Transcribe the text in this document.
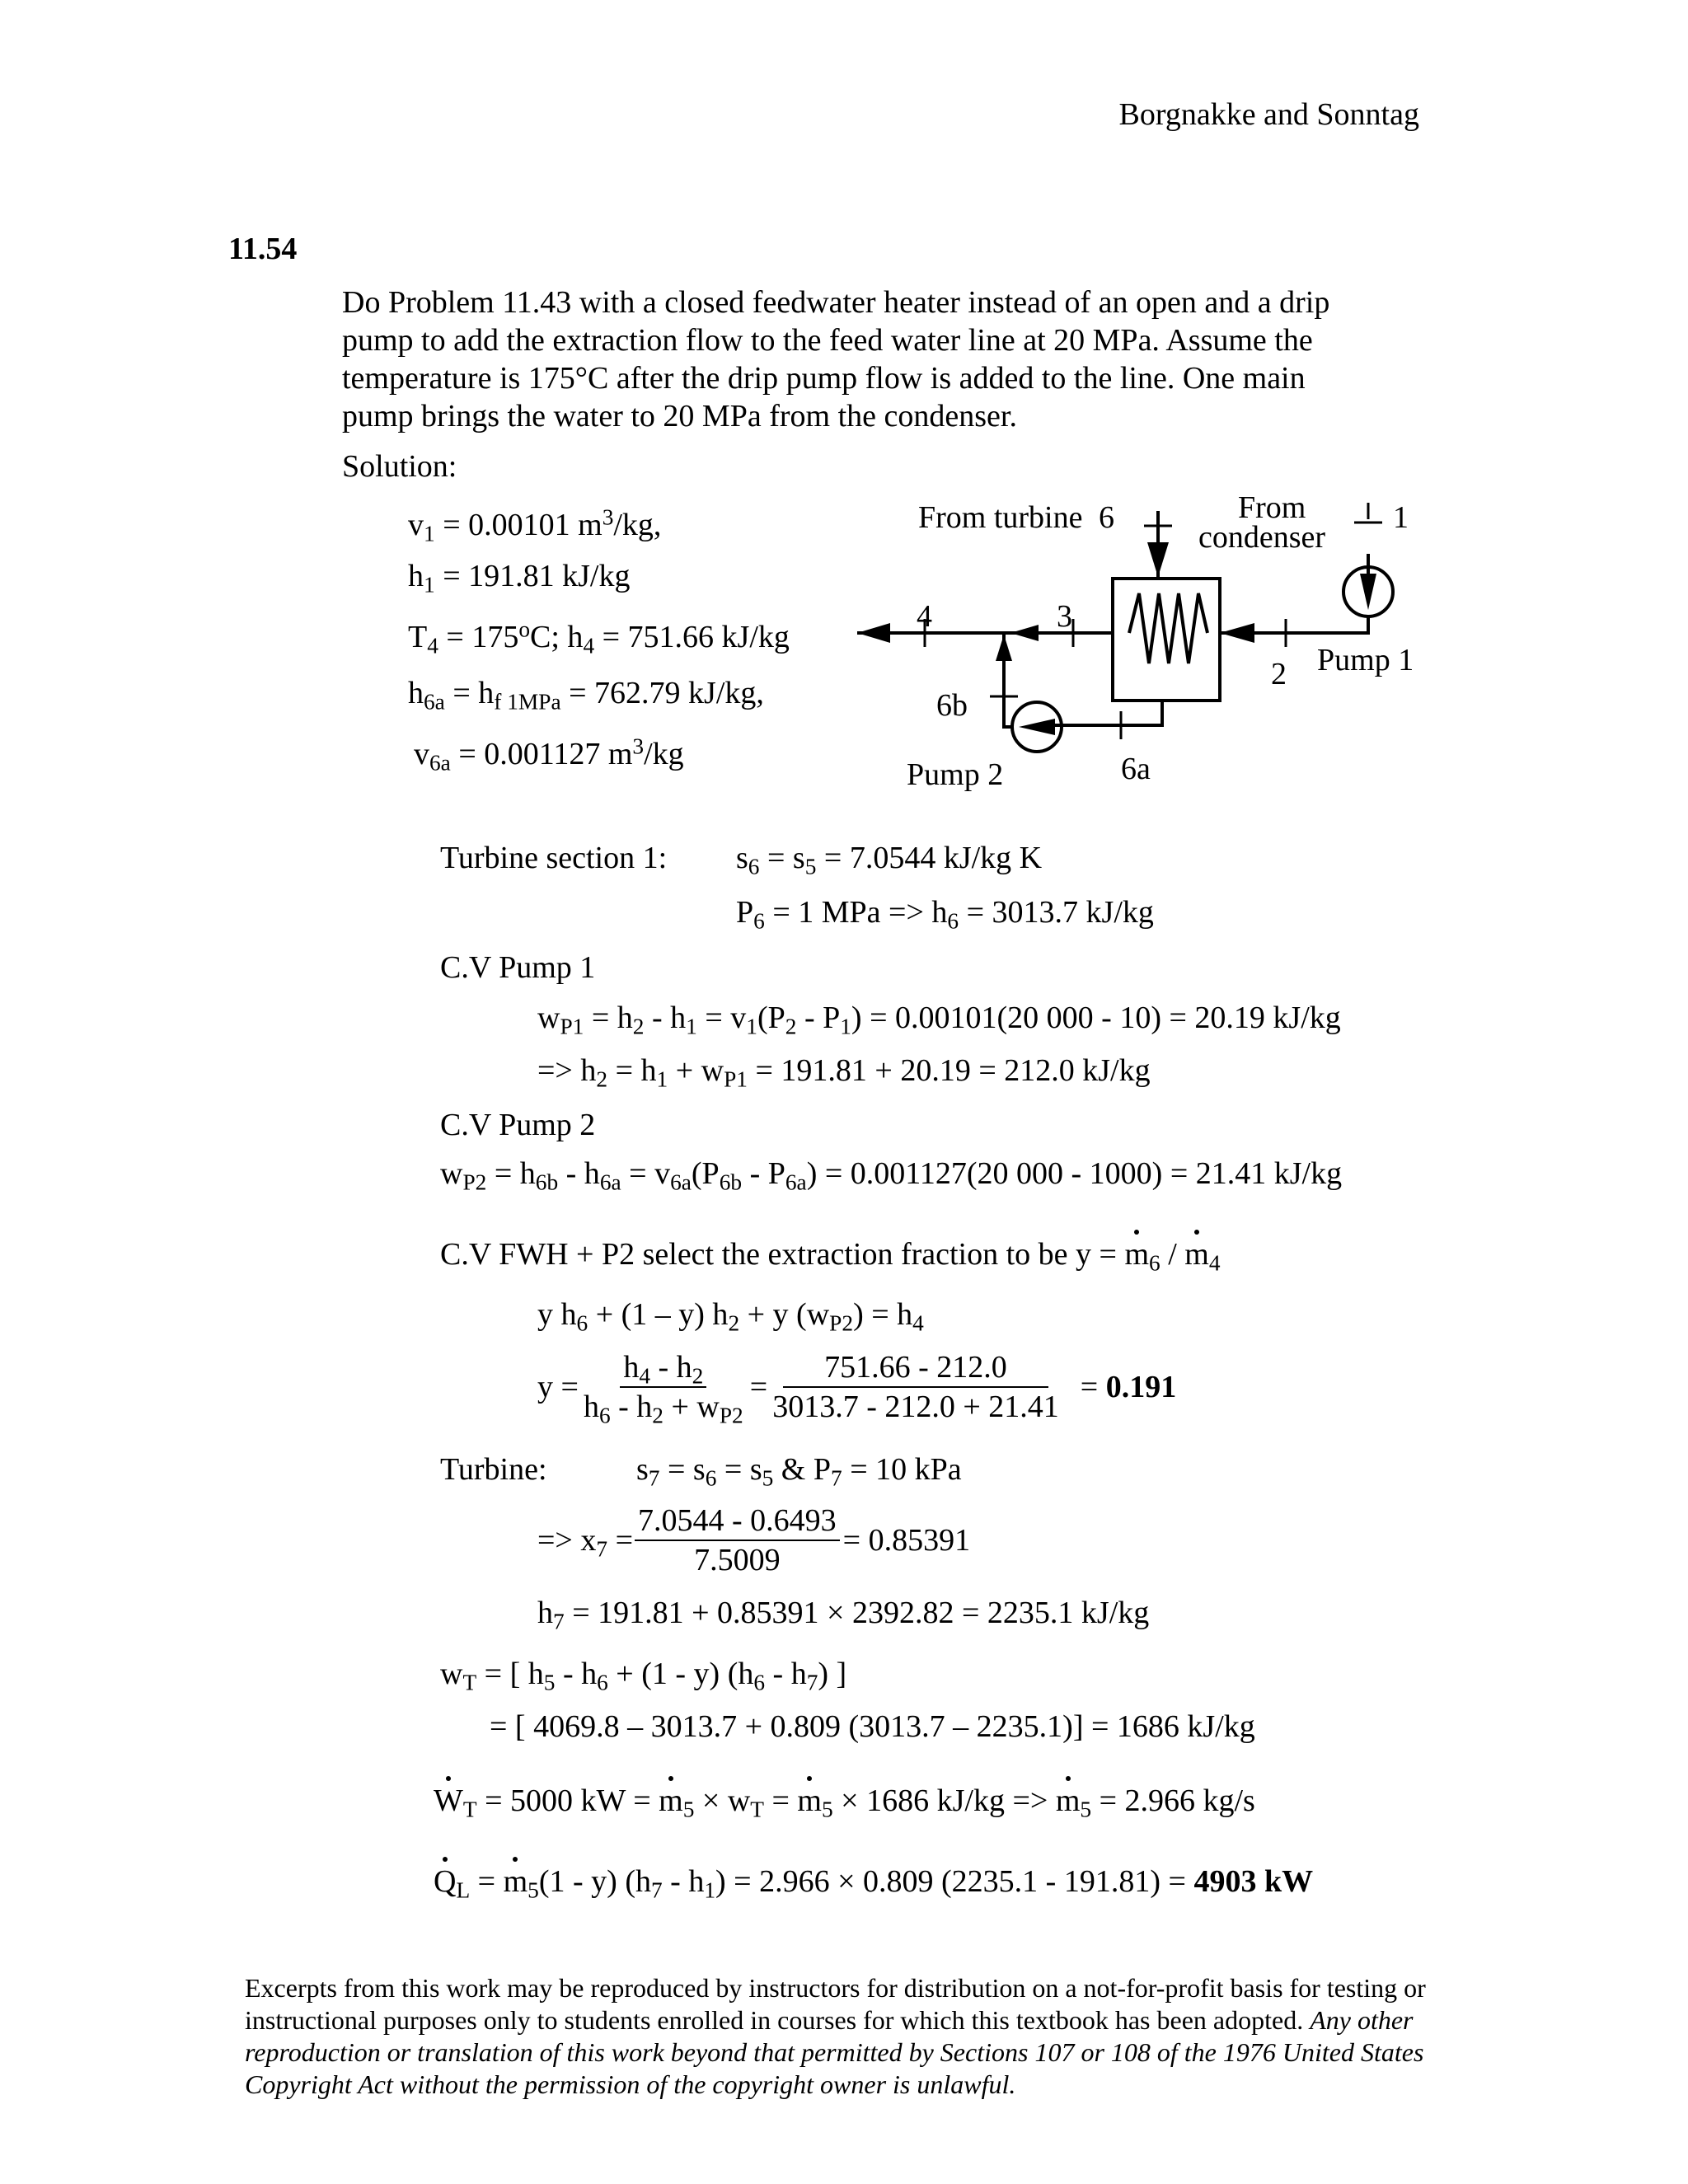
Borgnakke and Sonntag
11.54
Do Problem 11.43 with a closed feedwater heater instead of an open and a drip
pump to add the extraction flow to the feed water line at 20 MPa. Assume the
temperature is 175°C after the drip pump flow is added to the line. One main
pump brings the water to 20 MPa from the condenser.
Solution:
$v_1 = 0.00101$ $m^3/kg$,
$h_1 = 191.81$ kJ/kg
$T_4 = 175^oC$; $h_4 = 751.66$ kJ/kg
$h_{6a} = h_{f 1MPa} = 762.79$ kJ/kg,
$v_{6a} = 0.001127$ $m^3/kg$
From turbine 6	From
condenser
1
4	3
2 Pump 1
6b
Pump 2	6a
Turbine section 1: $s_6 = s_5 = 7.0544$ kJ/kg K
$P_6 = 1$ MPa => $h_6 = 3013.7$ kJ/kg
C.V Pump 1
$w_{P1} = h_2 - h_1 = v_1(P_2 - P_1) = 0.00101(20$ 000 - 10) = 20.19 kJ/kg
=> $h_2 = h_1 + w_{P1} = 191.81 + 20.19 = 212.0$ kJ/kg
C.V Pump 2
$w_{P2} = h_{6b} - h_{6a} = v_{6a}(P_{6b} - P_{6a}) = 0.001127(20$ 000 - 1000) = 21.41 kJ/kg
C.V FWH + P2 select the extraction fraction to be $y = m_6 / m_4$
y $h_6 + (1 - y) h_2 + y$ $(w_{P2}) = h_4$
$y = \frac{h_4 - h_2}{h_6 - h_2 + w_{P2}} = \frac{751.66 - 212.0}{3013.7 - 212.0 + 21.41} = 0.191$
Turbine:	$s_7 = s_6 = s_5$ & $P_7 = 10$ kPa
=> $x_7 = \frac{7.0544 - 0.6493}{7.5009} = 0.85391$
$h_7 = 191.81 + 0.85391 \times 2392.82 = 2235.1$ kJ/kg
$w_T$ = [ $h_5 - h_6 + (1 - y)$ $(h_6 - h_7)$ ]
= [ 4069.8 – 3013.7 + 0.809 (3013.7 – 2235.1)] = 1686 kJ/kg
$W_T = 5000$ kW = $m_5 \times w_T = m_5 \times 1686$ $kJ/kg => m_5 = 2.966$ kg/s
$Q_L = m_5(1 - y)$ $(h_7 - h_1) = 2.966 \times 0.809$ (2235.1 - 191.81) = 4903 kW
Excerpts from this work may be reproduced by instructors for distribution on a not-for-profit basis for testing or instructional purposes only to students enrolled in courses for which this textbook has been adopted. Any other reproduction or translation of this work beyond that permitted by Sections 107 or 108 of the 1976 United States Copyright Act without the permission of the copyright owner is unlawful.
